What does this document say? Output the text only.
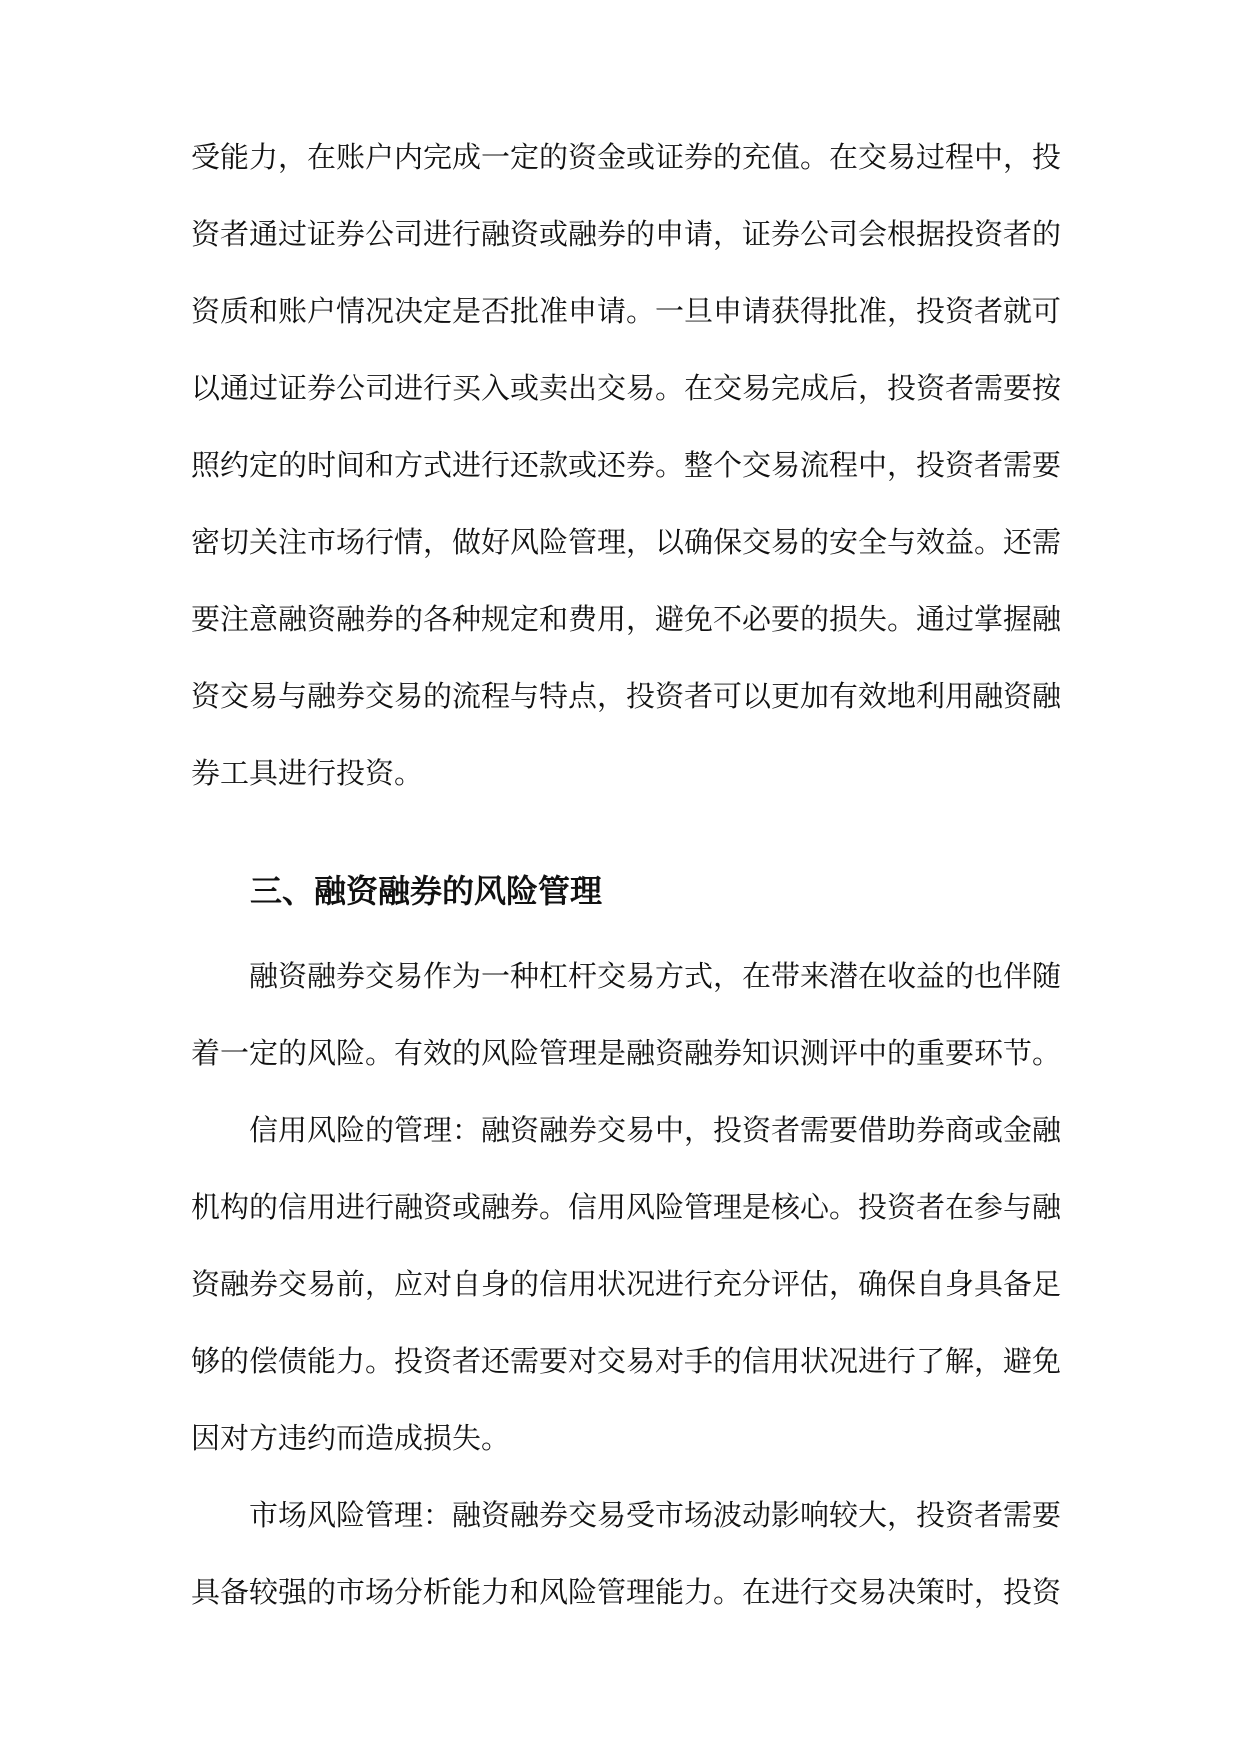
受能力，在账户内完成一定的资金或证券的充值。在交易过程中，投
资者通过证券公司进行融资或融券的申请，证券公司会根据投资者的
资质和账户情况决定是否批准申请。一旦申请获得批准，投资者就可
以通过证券公司进行买入或卖出交易。在交易完成后，投资者需要按
照约定的时间和方式进行还款或还券。整个交易流程中，投资者需要
密切关注市场行情，做好风险管理，以确保交易的安全与效益。还需
要注意融资融券的各种规定和费用，避免不必要的损失。通过掌握融
资交易与融券交易的流程与特点，投资者可以更加有效地利用融资融
券工具进行投资。
三、融资融券的风险管理
融资融券交易作为一种杠杆交易方式，在带来潜在收益的也伴随
着一定的风险。有效的风险管理是融资融券知识测评中的重要环节。
信用风险的管理：融资融券交易中，投资者需要借助券商或金融
机构的信用进行融资或融券。信用风险管理是核心。投资者在参与融
资融券交易前，应对自身的信用状况进行充分评估，确保自身具备足
够的偿债能力。投资者还需要对交易对手的信用状况进行了解，避免
因对方违约而造成损失。
市场风险管理：融资融券交易受市场波动影响较大，投资者需要
具备较强的市场分析能力和风险管理能力。在进行交易决策时，投资
